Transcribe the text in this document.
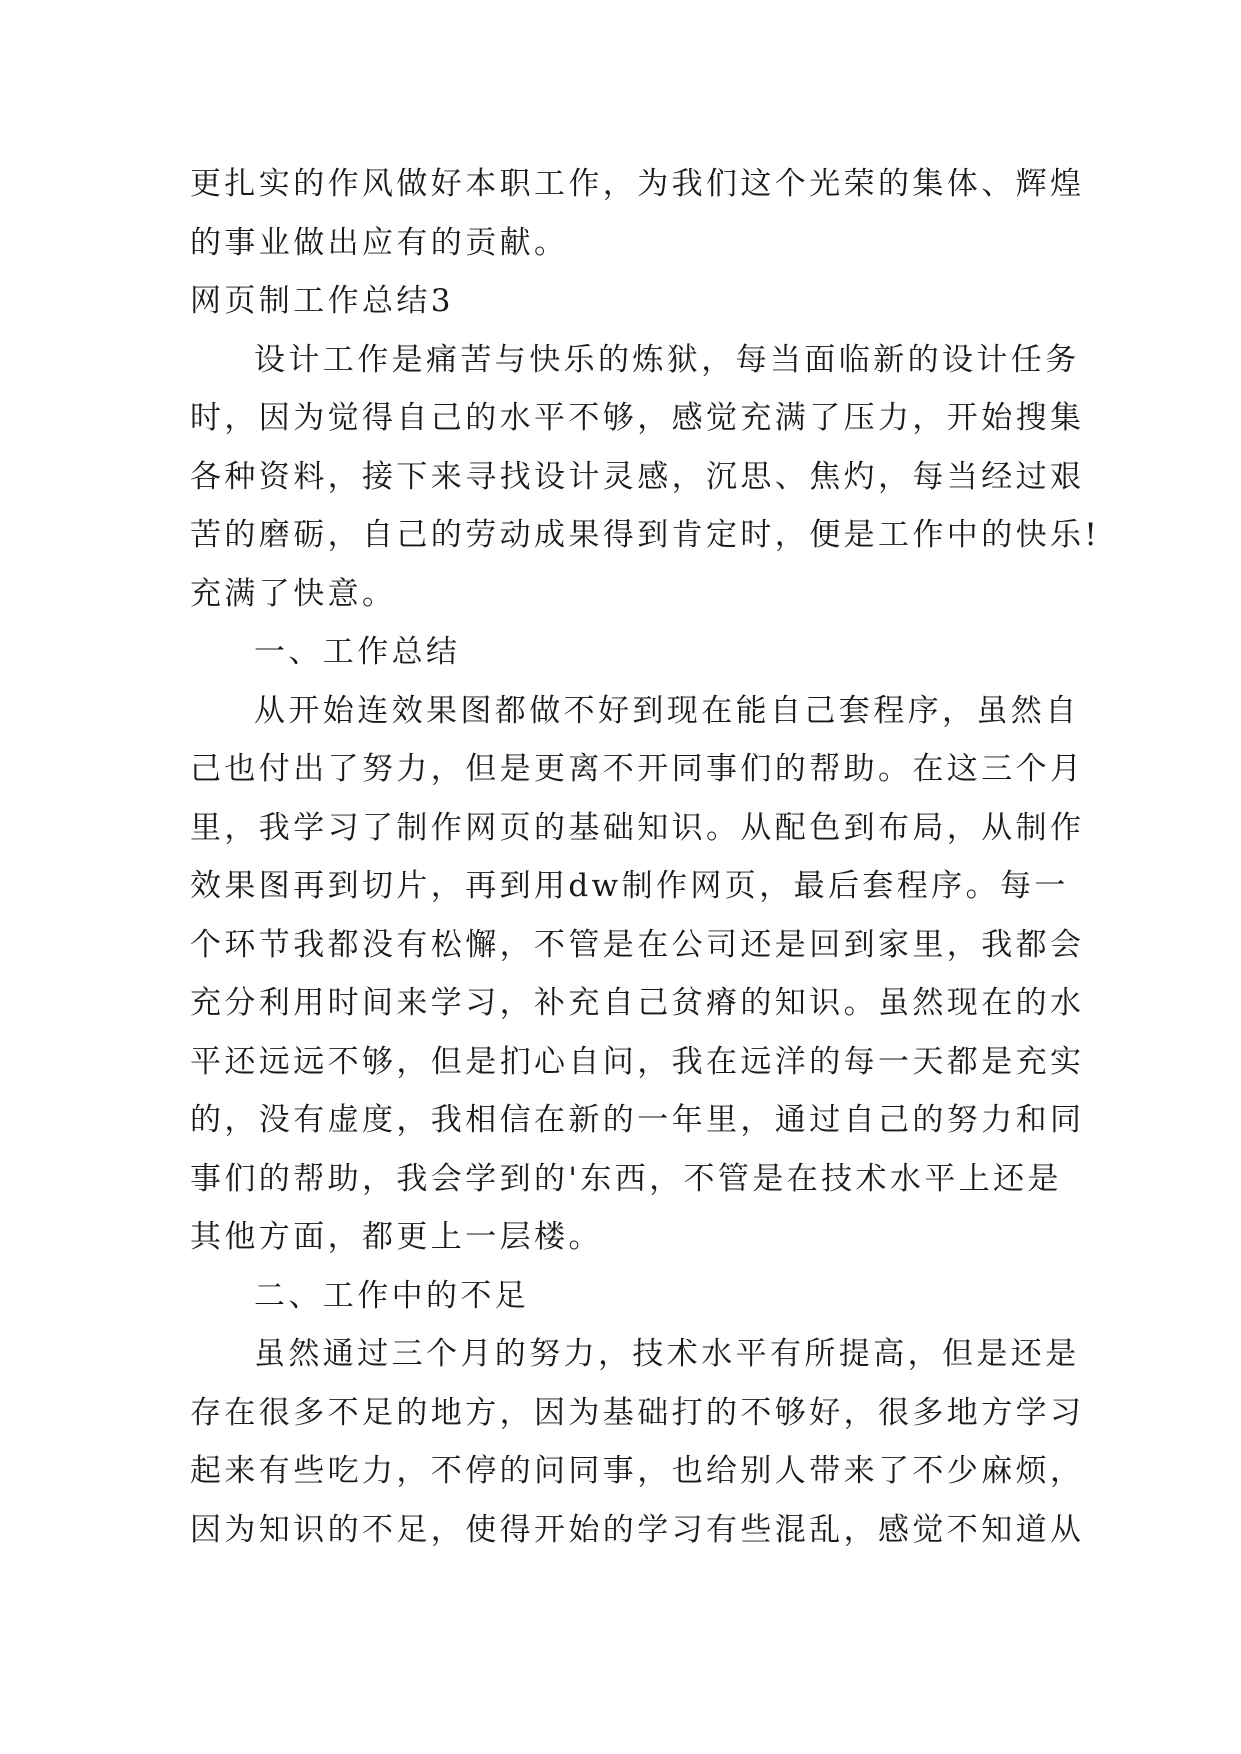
更扎实的作风做好本职工作，为我们这个光荣的集体、辉煌
的事业做出应有的贡献。
网页制工作总结3
设计工作是痛苦与快乐的炼狱，每当面临新的设计任务
时，因为觉得自己的水平不够，感觉充满了压力，开始搜集
各种资料，接下来寻找设计灵感，沉思、焦灼，每当经过艰
苦的磨砺，自己的劳动成果得到肯定时，便是工作中的快乐!
充满了快意。
一、工作总结
从开始连效果图都做不好到现在能自己套程序，虽然自
己也付出了努力，但是更离不开同事们的帮助。在这三个月
里，我学习了制作网页的基础知识。从配色到布局，从制作
效果图再到切片，再到用dw制作网页，最后套程序。每一
个环节我都没有松懈，不管是在公司还是回到家里，我都会
充分利用时间来学习，补充自己贫瘠的知识。虽然现在的水
平还远远不够，但是扪心自问，我在远洋的每一天都是充实
的，没有虚度，我相信在新的一年里，通过自己的努力和同
事们的帮助，我会学到的'东西，不管是在技术水平上还是
其他方面，都更上一层楼。
二、工作中的不足
虽然通过三个月的努力，技术水平有所提高，但是还是
存在很多不足的地方，因为基础打的不够好，很多地方学习
起来有些吃力，不停的问同事，也给别人带来了不少麻烦，
因为知识的不足，使得开始的学习有些混乱，感觉不知道从
